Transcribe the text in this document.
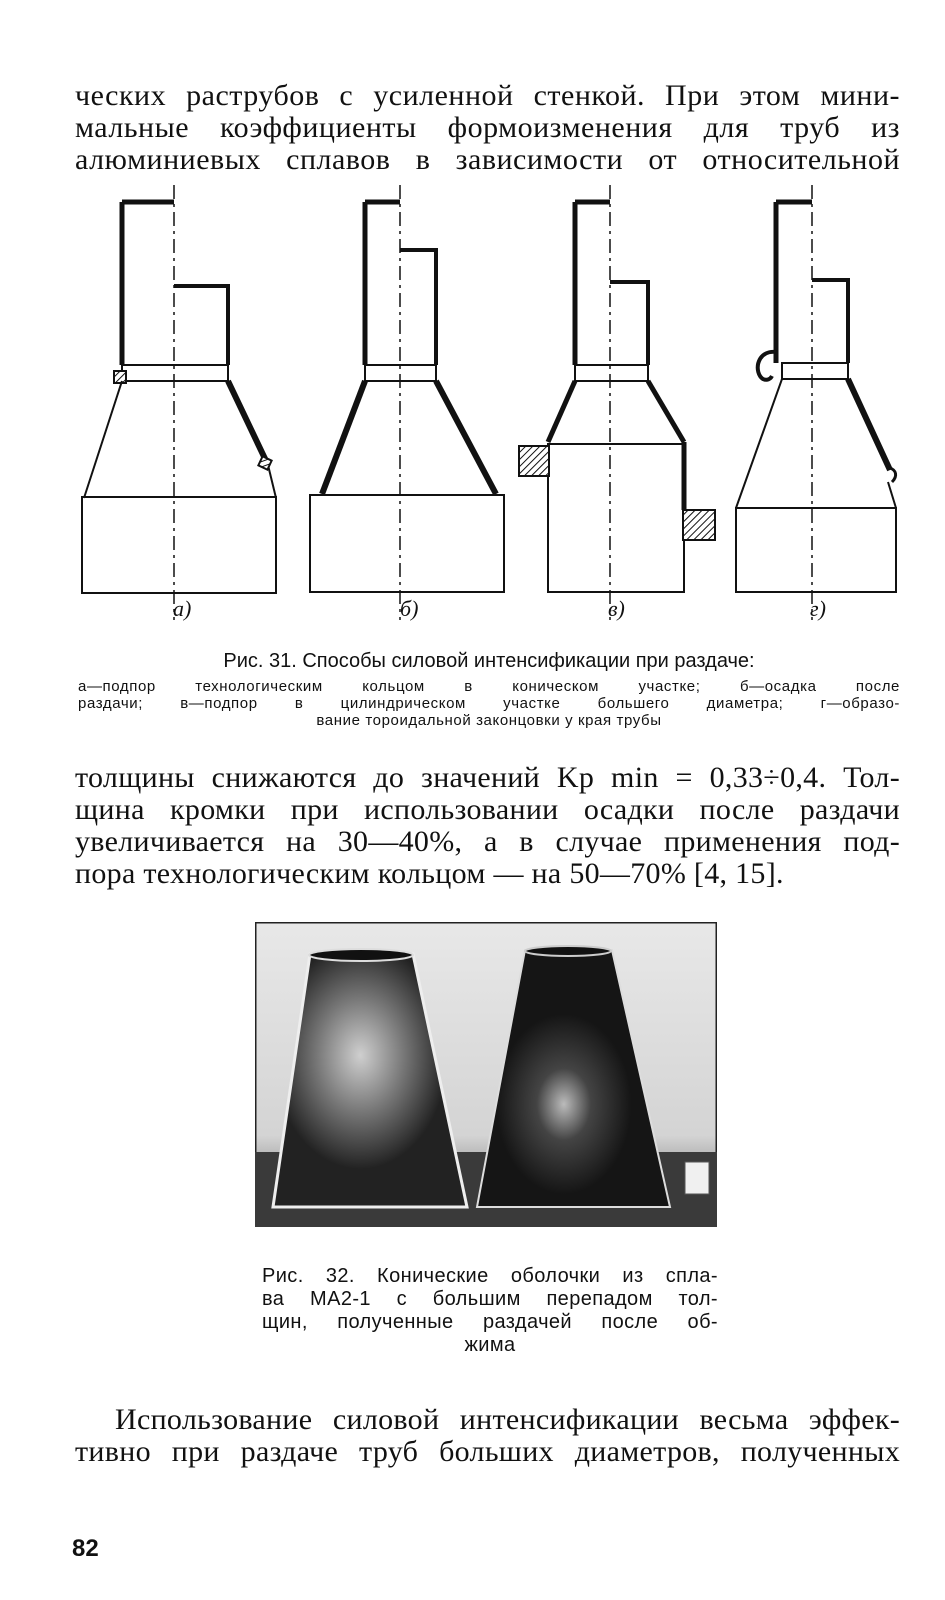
ческих раструбов с усиленной стенкой. При этом мини-
мальные коэффициенты формоизменения для труб из
алюминиевых сплавов в зависимости от относительной
а)	б)	в)	г)
Рис. 31. Способы силовой интенсификации при раздаче:
а—подпор технологическим кольцом в коническом участке; б—осадка после
раздачи; в—подпор в цилиндрическом участке большего диаметра; г—образо-
вание тороидальной законцовки у края трубы
толщины снижаются до значений Kp min = 0,33÷0,4. Тол-
щина кромки при использовании осадки после раздачи
увеличивается на 30—40%, а в случае применения под-
пора технологическим кольцом — на 50—70% [4, 15].
Рис. 32. Конические оболочки из спла-
ва МА2-1 с большим перепадом тол-
щин, полученные раздачей после об-
жима
Использование силовой интенсификации весьма эффек-
тивно при раздаче труб больших диаметров, полученных
82
